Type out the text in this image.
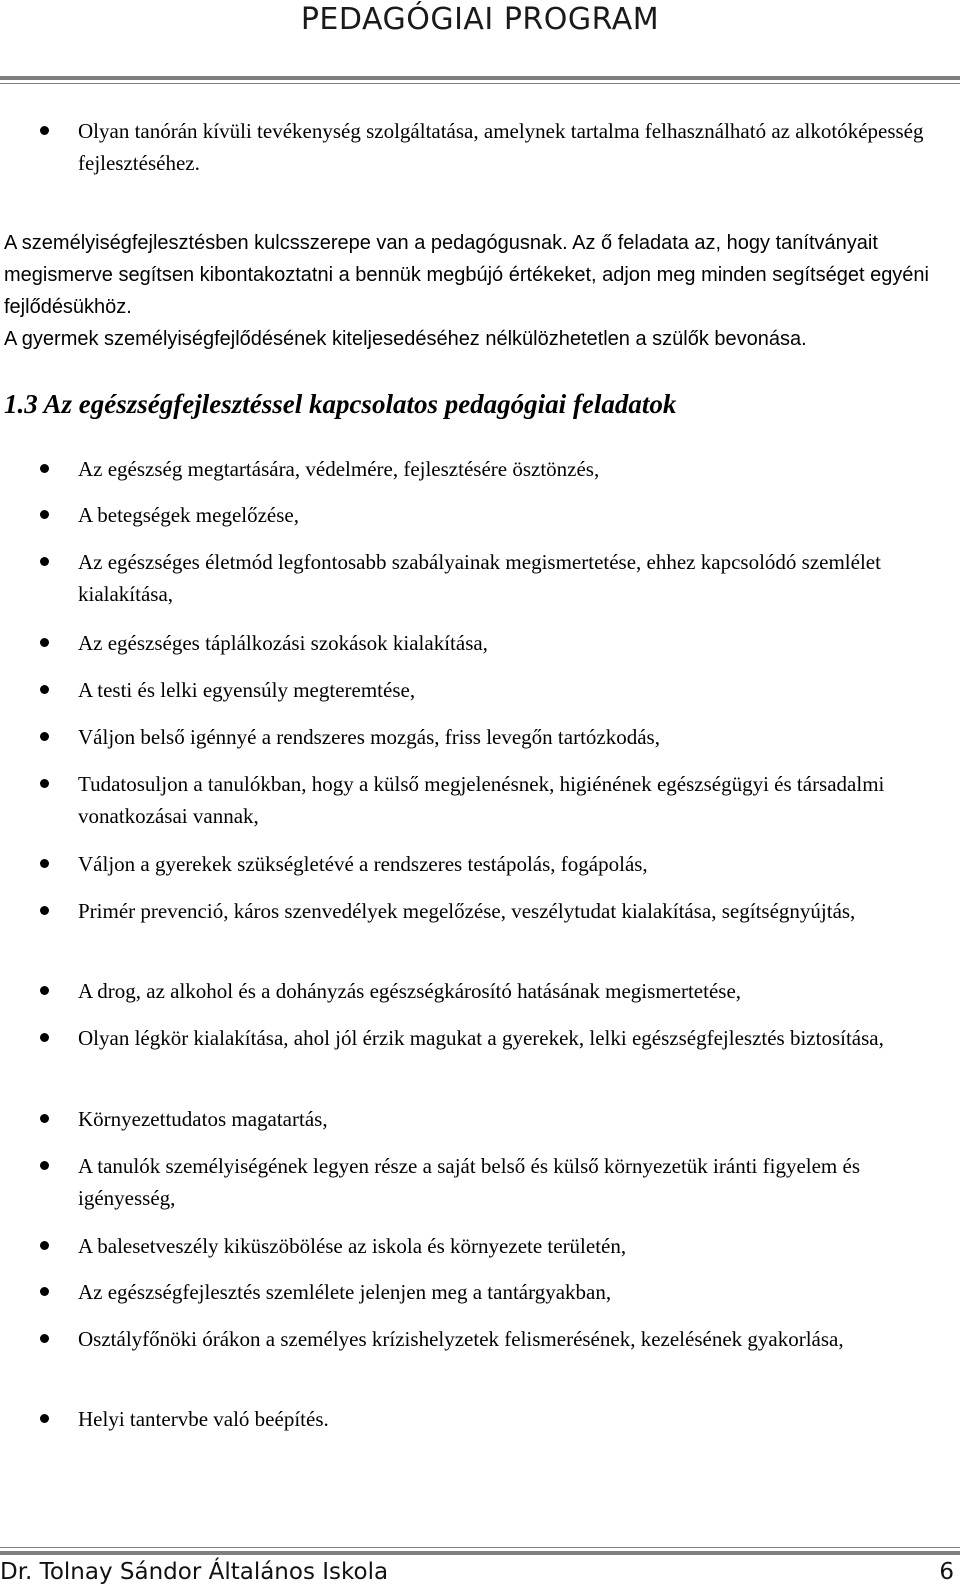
PEDAGÓGIAI PROGRAM
Olyan tanórán kívüli tevékenység szolgáltatása, amelynek tartalma felhasználható az alkotóképesség fejlesztéséhez.
A személyiségfejlesztésben kulcsszerepe van a pedagógusnak. Az ő feladata az, hogy tanítványait megismerve segítsen kibontakoztatni a bennük megbújó értékeket, adjon meg minden segítséget egyéni fejlődésükhöz.
A gyermek személyiségfejlődésének kiteljesedéséhez nélkülözhetetlen a szülők bevonása.
1.3 Az egészségfejlesztéssel kapcsolatos pedagógiai feladatok
Az egészség megtartására, védelmére, fejlesztésére ösztönzés,
A betegségek megelőzése,
Az egészséges életmód legfontosabb szabályainak megismertetése, ehhez kapcsolódó szemlélet kialakítása,
Az egészséges táplálkozási szokások kialakítása,
A testi és lelki egyensúly megteremtése,
Váljon belső igénnyé a rendszeres mozgás, friss levegőn tartózkodás,
Tudatosuljon a tanulókban, hogy a külső megjelenésnek, higiénének egészségügyi és társadalmi vonatkozásai vannak,
Váljon a gyerekek szükségletévé a rendszeres testápolás, fogápolás,
Primér prevenció, káros szenvedélyek megelőzése, veszélytudat kialakítása, segítségnyújtás,
A drog, az alkohol és a dohányzás egészségkárosító hatásának megismertetése,
Olyan légkör kialakítása, ahol jól érzik magukat a gyerekek, lelki egészségfejlesztés biztosítása,
Környezettudatos magatartás,
A tanulók személyiségének legyen része a saját belső és külső környezetük iránti figyelem és igényesség,
A balesetveszély kiküszöbölése az iskola és környezete területén,
Az egészségfejlesztés szemlélete jelenjen meg a tantárgyakban,
Osztályfőnöki órákon a személyes krízishelyzetek felismerésének, kezelésének gyakorlása,
Helyi tantervbe való beépítés.
Dr. Tolnay Sándor Általános Iskola	6
